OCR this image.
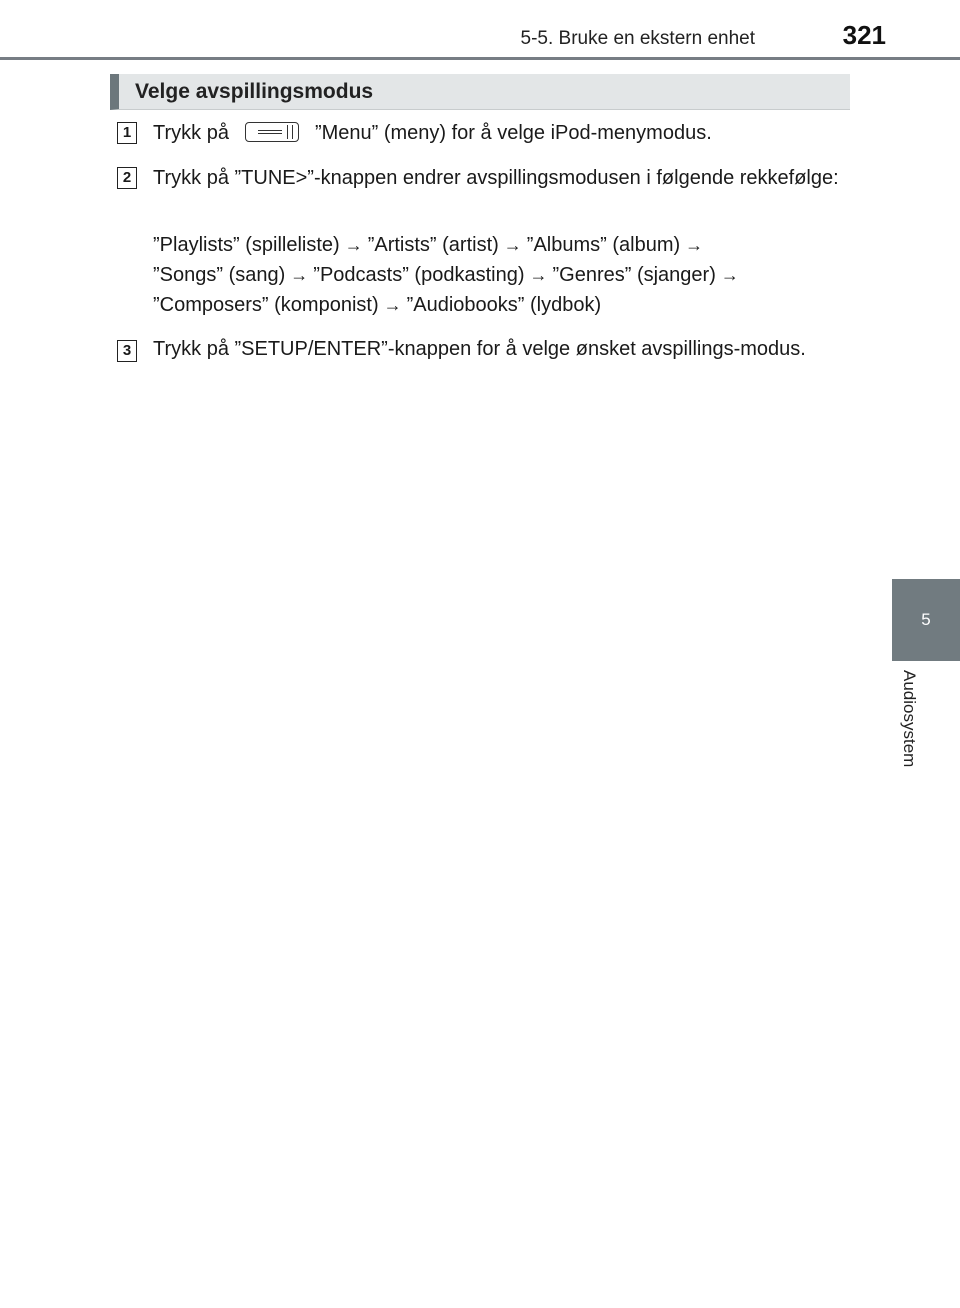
5-5. Bruke en ekstern enhet	321
5
Audiosystem
Velge avspillingsmodus
1 Trykk på	”Menu” (meny) for å velge iPod-menymodus.
2 Trykk på ”TUNE>”-knappen endrer avspillingsmodusen i følgende rekkefølge:
”Playlists” (spilleliste) → ”Artists” (artist) → ”Albums” (album) →
”Songs” (sang) → ”Podcasts” (podkasting) → ”Genres” (sjanger) →
”Composers” (komponist) → ”Audiobooks” (lydbok)
3 Trykk på ”SETUP/ENTER”-knappen for å velge ønsket avspillings-modus.
